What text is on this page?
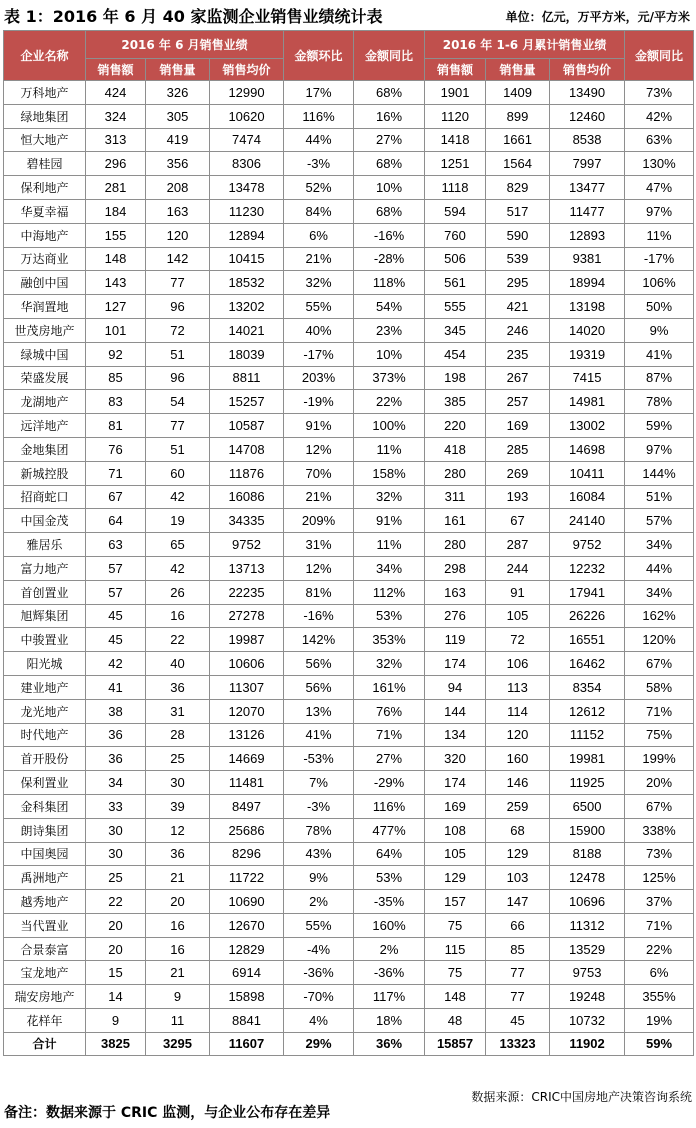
表 1：2016 年 6 月 40 家监测企业销售业绩统计表	单位：亿元，万平方米，元/平方米
企业名称	2016 年 6 月销售业绩			金额环比	金额同比	2016 年 1-6 月累计销售业绩			金额同比
	销售额	销售量	销售均价			销售额	销售量	销售均价	
万科地产	424	326	12990	17%	68%	1901	1409	13490	73%
绿地集团	324	305	10620	116%	16%	1120	899	12460	42%
恒大地产	313	419	7474	44%	27%	1418	1661	8538	63%
碧桂园	296	356	8306	-3%	68%	1251	1564	7997	130%
保利地产	281	208	13478	52%	10%	1118	829	13477	47%
华夏幸福	184	163	11230	84%	68%	594	517	11477	97%
中海地产	155	120	12894	6%	-16%	760	590	12893	11%
万达商业	148	142	10415	21%	-28%	506	539	9381	-17%
融创中国	143	77	18532	32%	118%	561	295	18994	106%
华润置地	127	96	13202	55%	54%	555	421	13198	50%
世茂房地产	101	72	14021	40%	23%	345	246	14020	9%
绿城中国	92	51	18039	-17%	10%	454	235	19319	41%
荣盛发展	85	96	8811	203%	373%	198	267	7415	87%
龙湖地产	83	54	15257	-19%	22%	385	257	14981	78%
远洋地产	81	77	10587	91%	100%	220	169	13002	59%
金地集团	76	51	14708	12%	11%	418	285	14698	97%
新城控股	71	60	11876	70%	158%	280	269	10411	144%
招商蛇口	67	42	16086	21%	32%	311	193	16084	51%
中国金茂	64	19	34335	209%	91%	161	67	24140	57%
雅居乐	63	65	9752	31%	11%	280	287	9752	34%
富力地产	57	42	13713	12%	34%	298	244	12232	44%
首创置业	57	26	22235	81%	112%	163	91	17941	34%
旭辉集团	45	16	27278	-16%	53%	276	105	26226	162%
中骏置业	45	22	19987	142%	353%	119	72	16551	120%
阳光城	42	40	10606	56%	32%	174	106	16462	67%
建业地产	41	36	11307	56%	161%	94	113	8354	58%
龙光地产	38	31	12070	13%	76%	144	114	12612	71%
时代地产	36	28	13126	41%	71%	134	120	11152	75%
首开股份	36	25	14669	-53%	27%	320	160	19981	199%
保利置业	34	30	11481	7%	-29%	174	146	11925	20%
金科集团	33	39	8497	-3%	116%	169	259	6500	67%
朗诗集团	30	12	25686	78%	477%	108	68	15900	338%
中国奥园	30	36	8296	43%	64%	105	129	8188	73%
禹洲地产	25	21	11722	9%	53%	129	103	12478	125%
越秀地产	22	20	10690	2%	-35%	157	147	10696	37%
当代置业	20	16	12670	55%	160%	75	66	11312	71%
合景泰富	20	16	12829	-4%	2%	115	85	13529	22%
宝龙地产	15	21	6914	-36%	-36%	75	77	9753	6%
瑞安房地产	14	9	15898	-70%	117%	148	77	19248	355%
花样年	9	11	8841	4%	18%	48	45	10732	19%
合计	3825	3295	11607	29%	36%	15857	13323	11902	59%
数据来源：CRIC中国房地产决策咨询系统
备注：数据来源于 CRIC 监测，与企业公布存在差异
